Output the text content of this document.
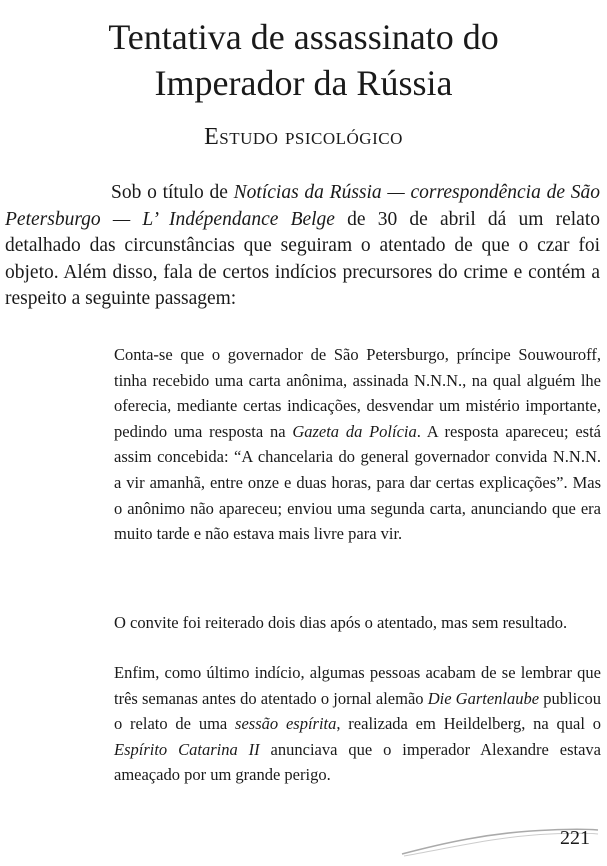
Tentativa de assassinato do
Imperador da Rússia
Estudo psicológico

Sob o título de Notícias da Rússia — correspondência de São Petersburgo — L’ Indépendance Belge de 30 de abril dá um relato detalhado das circunstâncias que seguiram o atentado de que o czar foi objeto. Além disso, fala de certos indícios precursores do crime e contém a respeito a seguinte passagem:

Conta-se que o governador de São Petersburgo, príncipe Souwouroff, tinha recebido uma carta anônima, assinada N.N.N., na qual alguém lhe oferecia, mediante certas indicações, desvendar um mistério importante, pedindo uma resposta na Gazeta da Polícia. A resposta apareceu; está assim concebida: “A chancelaria do general governador convida N.N.N. a vir amanhã, entre onze e duas horas, para dar certas explicações”. Mas o anônimo não apareceu; enviou uma segunda carta, anunciando que era muito tarde e não estava mais livre para vir.

O convite foi reiterado dois dias após o atentado, mas sem resultado.

Enfim, como último indício, algumas pessoas acabam de se lembrar que três semanas antes do atentado o jornal alemão Die Gartenlaube publicou o relato de uma sessão espírita, realizada em Heildelberg, na qual o Espírito Catarina II anunciava que o imperador Alexandre estava ameaçado por um grande perigo.

221
